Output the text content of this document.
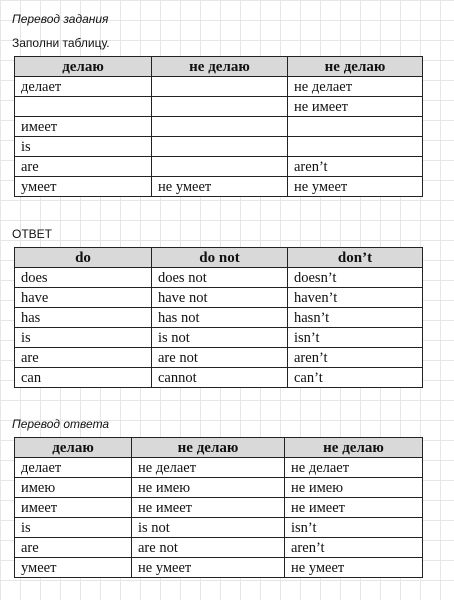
Перевод задания
Заполни таблицу.
делаю	не делаю	не делаю
делает		не делает
		не имеет
имеет		
is		
are		aren’t
умеет	не умеет	не умеет
ОТВЕТ
do	do not	don’t
does	does not	doesn’t
have	have not	haven’t
has	has not	hasn’t
is	is not	isn’t
are	are not	aren’t
can	cannot	can’t
Перевод ответа
делаю	не делаю	не делаю
делает	не делает	не делает
имею	не имею	не имею
имеет	не имеет	не имеет
is	is not	isn’t
are	are not	aren’t
умеет	не умеет	не умеет
